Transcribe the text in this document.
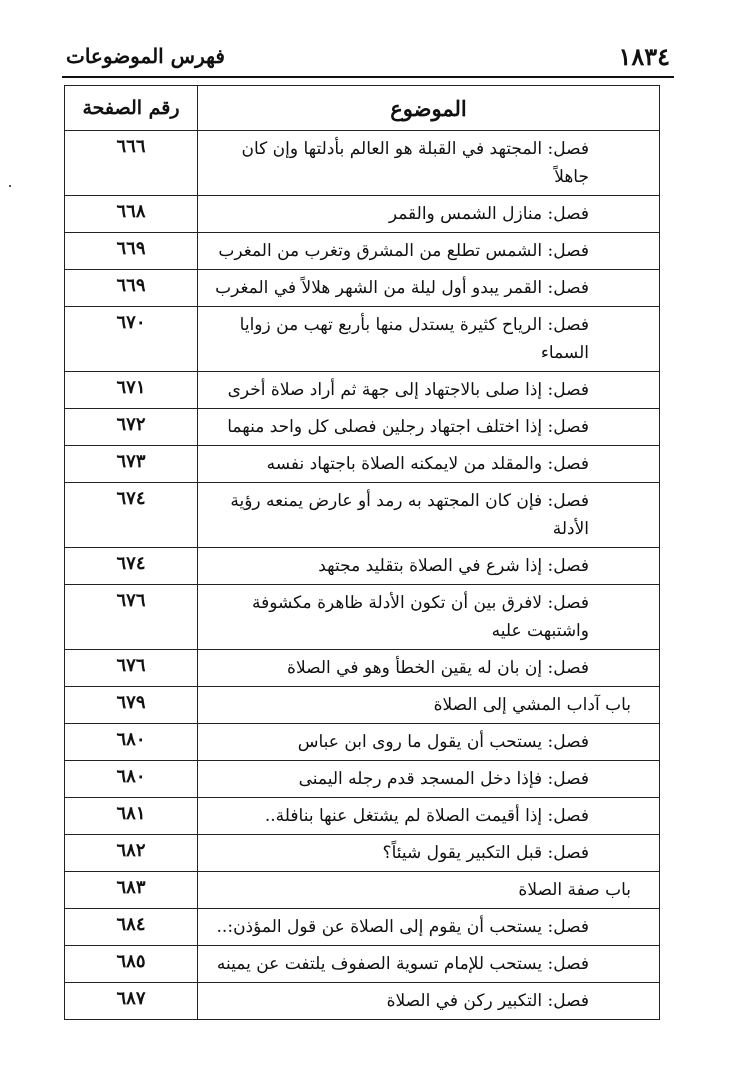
١٨٣٤
فهرس الموضوعات
الموضوع	رقم الصفحة
فصل: المجتهد في القبلة هو العالم بأدلتها وإن كان جاهلاً	٦٦٦
فصل: منازل الشمس والقمر	٦٦٨
فصل: الشمس تطلع من المشرق وتغرب من المغرب	٦٦٩
فصل: القمر يبدو أول ليلة من الشهر هلالاً في المغرب	٦٦٩
فصل: الرياح كثيرة يستدل منها بأربع تهب من زوايا السماء	٦٧٠
فصل: إذا صلى بالاجتهاد إلى جهة ثم أراد صلاة أخرى	٦٧١
فصل: إذا اختلف اجتهاد رجلين فصلى كل واحد منهما	٦٧٢
فصل: والمقلد من لايمكنه الصلاة باجتهاد نفسه	٦٧٣
فصل: فإن كان المجتهد به رمد أو عارض يمنعه رؤية الأدلة	٦٧٤
فصل: إذا شرع في الصلاة بتقليد مجتهد	٦٧٤
فصل: لافرق بين أن تكون الأدلة ظاهرة مكشوفة واشتبهت عليه	٦٧٦
فصل: إن بان له يقين الخطأ وهو في الصلاة	٦٧٦
باب آداب المشي إلى الصلاة	٦٧٩
فصل: يستحب أن يقول ما روى ابن عباس	٦٨٠
فصل: فإذا دخل المسجد قدم رجله اليمنى	٦٨٠
فصل: إذا أقيمت الصلاة لم يشتغل عنها بنافلة..	٦٨١
فصل: قبل التكبير يقول شيئاً؟	٦٨٢
باب صفة الصلاة	٦٨٣
فصل: يستحب أن يقوم إلى الصلاة عن قول المؤذن:..	٦٨٤
فصل: يستحب للإمام تسوية الصفوف يلتفت عن يمينه	٦٨٥
فصل: التكبير ركن في الصلاة	٦٨٧
